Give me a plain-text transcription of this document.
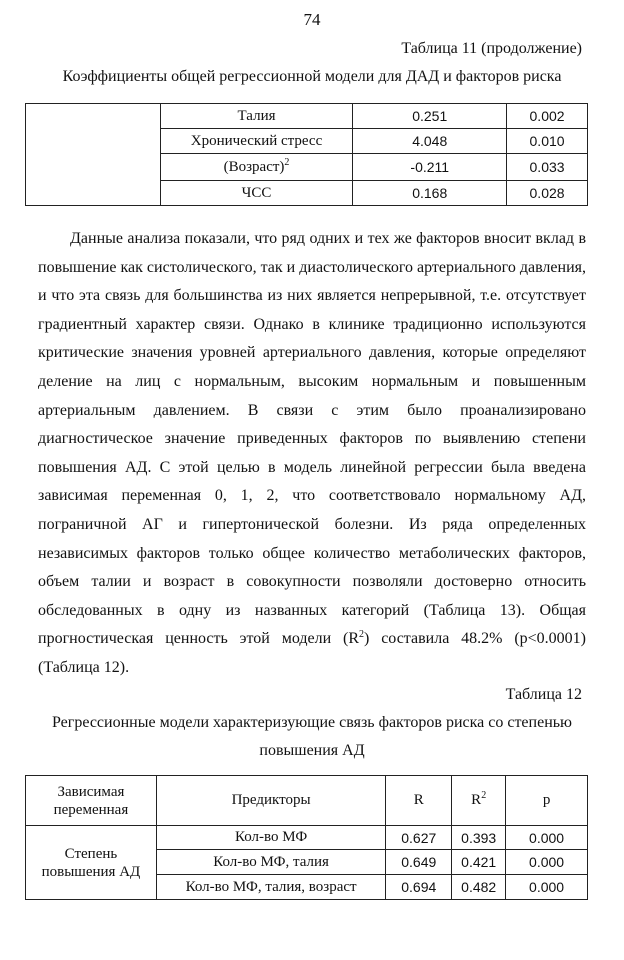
74
Таблица 11 (продолжение)
Коэффициенты общей регрессионной модели для ДАД и факторов риска
	Талия	0.251	0.002
	Хронический стресс	4.048	0.010
	(Возраст)$^2$	-0.211	0.033
	ЧСС	0.168	0.028

Данные анализа показали, что ряд одних и тех же факторов вносит вклад в повышение как систолического, так и диастолического артериального давления, и что эта связь для большинства из них является непрерывной, т.е. отсутствует градиентный характер связи. Однако в клинике традиционно используются критические значения уровней артериального давления, которые определяют деление на лиц с нормальным, высоким нормальным и повышенным артериальным давлением. В связи с этим было проанализировано диагностическое значение приведенных факторов по выявлению степени повышения АД. С этой целью в модель линейной регрессии была введена зависимая переменная 0, 1, 2, что соответствовало нормальному АД, пограничной АГ и гипертонической болезни. Из ряда определенных независимых факторов только общее количество метаболических факторов, объем талии и возраст в совокупности позволяли достоверно относить обследованных в одну из названных категорий (Таблица 13). Общая прогностическая ценность этой модели $(R^2)$ составила 48.2% (p<0.0001) (Таблица 12).

Таблица 12
Регрессионные модели характеризующие связь факторов риска со степенью
повышения АД
Зависимая переменная	Предикторы	R	$R^2$	p
Степень повышения АД	Кол-во МФ	0.627	0.393	0.000
	Кол-во МФ, талия	0.649	0.421	0.000
	Кол-во МФ, талия, возраст	0.694	0.482	0.000
